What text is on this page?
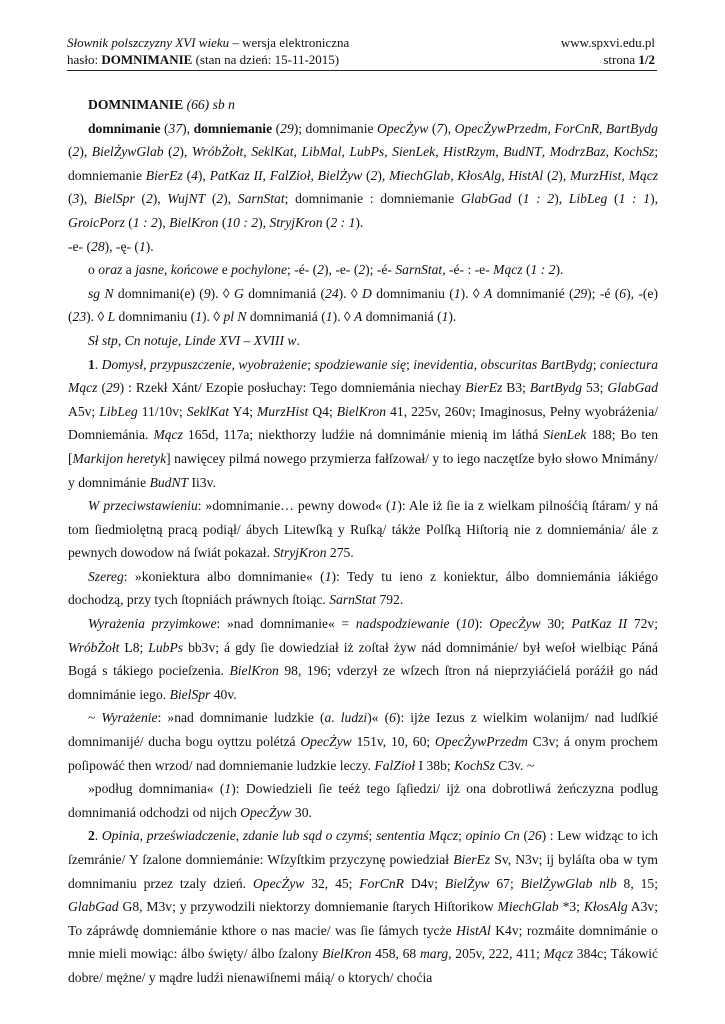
Słownik polszczyzny XVI wieku – wersja elektroniczna
hasło: DOMNIMANIE (stan na dzień: 15-11-2015)
www.spxvi.edu.pl
strona 1/2

DOMNIMANIE (66) sb n

domnimanie (37), domniemanie (29); domnimanie OpecŻyw (7), OpecŻywPrzedm, ForCnR, BartBydg (2), BielŻywGlab (2), WróbŻołt, SeklKat, LibMal, LubPs, SienLek, HistRzym, BudNT, ModrzBaz, KochSz; domniemanie BierEz (4), PatKaz II, FalZioł, BielŻyw (2), MiechGlab, KłosAlg, HistAl (2), MurzHist, Mącz (3), BielSpr (2), WujNT (2), SarnStat; domnimanie : domniemanie GlabGad (1 : 2), LibLeg (1 : 1), GroicPorz (1 : 2), BielKron (10 : 2), StryjKron (2 : 1).

-e- (28), -ę- (1).

o oraz a jasne, końcowe e pochylone; -é- (2), -e- (2); -é- SarnStat, -é- : -e- Mącz (1 : 2).

sg N domnimani(e) (9). ◊ G domnimaniá (24). ◊ D domnimaniu (1). ◊ A domnimanié (29); -é (6), -(e) (23). ◊ L domnimaniu (1). ◊ pl N domnimaniá (1). ◊ A domnimaniá (1).

Sł stp, Cn notuje, Linde XVI – XVIII w.

1. Domysł, przypuszczenie, wyobrażenie; spodziewanie się; inevidentia, obscuritas BartBydg; coniectura Mącz (29) : Rzekł Xánt/ Ezopie posłuchay: Tego domniemánia niechay BierEz B3; BartBydg 53; GlabGad A5v; LibLeg 11/10v; SeklKat Y4; MurzHist Q4; BielKron 41, 225v, 260v; Imaginosus, Pełny wyobráżenia/ Domniemánia. Mącz 165d, 117a; niekthorzy ludźie ná domnimánie mienią im láthá SienLek 188; Bo ten [Markijon heretyk] nawięcey pilmá nowego przymierza fałſzował/ y to iego naczętſze było słowo Mnimány/ y domnimánie BudNT Ii3v.

W przeciwstawieniu: »domnimanie… pewny dowod« (1): Ale iż ſie ia z wielkam pilnośćią ſtáram/ y ná tom ſiedmiolętną pracą podiął/ ábych Litewſką y Ruſką/ tákże Polſką Hiſtorią nie z domniemánia/ ále z pewnych dowodow ná ſwiát pokazał. StryjKron 275.

Szereg: »koniektura albo domnimanie« (1): Tedy tu ieno z koniektur, álbo domniemánia iákiégo dochodzą, przy tych ſtopniách práwnych ſtoiąc. SarnStat 792.

Wyrażenia przyimkowe: »nad domnimanie« = nadspodziewanie (10): OpecŻyw 30; PatKaz II 72v; WróbŻołt L8; LubPs bb3v; á gdy ſie dowiedział iż zoſtał żyw nád domnimánie/ był weſoł wielbiąc Páná Bogá s tákiego pocieſzenia. BielKron 98, 196; vderzył ze wſzech ſtron ná nieprzyiáćielá poráźił go nád domnimánie iego. BielSpr 40v.

~ Wyrażenie: »nad domnimanie ludzkie (a. ludzi)« (6): ijże Iezus z wielkim wolanijm/ nad ludſkié domnimanijé/ ducha bogu oyttzu polétzá OpecŻyw 151v, 10, 60; OpecŻywPrzedm C3v; á onym prochem poſipowáć then wrzod/ nad domniemanie ludzkie leczy. FalZioł I 38b; KochSz C3v. ~

»podług domnimania« (1): Dowiedzieli ſie teéż tego ſąſiedzi/ ijż ona dobrotliwá żeńczyzna podlug domnimaniá odchodzi od nijch OpecŻyw 30.

2. Opinia, przeświadczenie, zdanie lub sąd o czymś; sententia Mącz; opinio Cn (26) : Lew widząc to ich ſzemránie/ Y ſzalone domniemánie: Wſzyſtkim przyczynę powiedział BierEz Sv, N3v; ij byláſta oba w tym domnimaniu przez tzaly dzień. OpecŻyw 32, 45; ForCnR D4v; BielŻyw 67; BielŻywGlab nlb 8, 15; GlabGad G8, M3v; y przywodzili niektorzy domniemanie ſtarych Hiſtorikow MiechGlab *3; KłosAlg A3v; To zápráwdę domniemánie kthore o nas macie/ was ſie ſámych tycże HistAl K4v; rozmáite domnimánie o mnie mieli mowiąc: álbo święty/ álbo ſzalony BielKron 458, 68 marg, 205v, 222, 411; Mącz 384c; Tákowić dobre/ mężne/ y mądre ludźi nienawiſnemi máią/ o ktorych/ choćia
